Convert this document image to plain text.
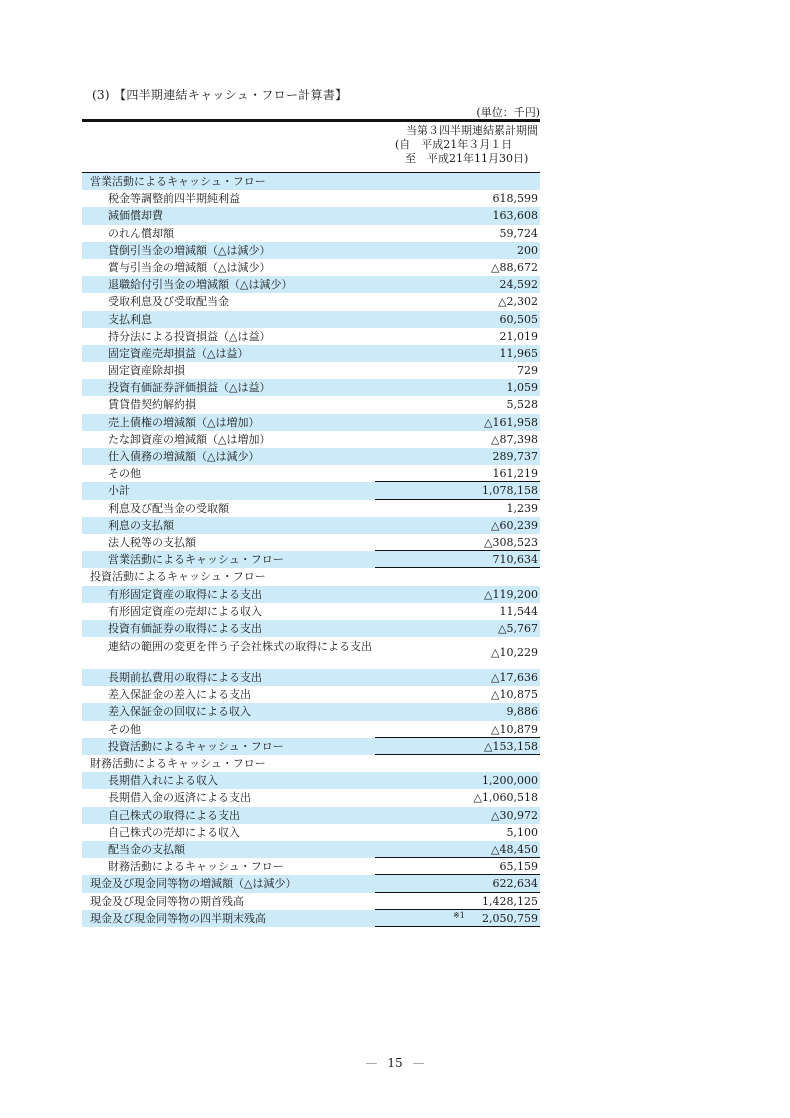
(3) 【四半期連結キャッシュ・フロー計算書】
(単位：千円)
当第３四半期連結累計期間
(自　平成21年３月１日
至　平成21年11月30日)
営業活動によるキャッシュ・フロー
税金等調整前四半期純利益	618,599
減価償却費	163,608
のれん償却額	59,724
貸倒引当金の増減額（△は減少）	200
賞与引当金の増減額（△は減少）	△88,672
退職給付引当金の増減額（△は減少）	24,592
受取利息及び受取配当金	△2,302
支払利息	60,505
持分法による投資損益（△は益）	21,019
固定資産売却損益（△は益）	11,965
固定資産除却損	729
投資有価証券評価損益（△は益）	1,059
賃貸借契約解約損	5,528
売上債権の増減額（△は増加）	△161,958
たな卸資産の増減額（△は増加）	△87,398
仕入債務の増減額（△は減少）	289,737
その他	161,219
小計	1,078,158
利息及び配当金の受取額	1,239
利息の支払額	△60,239
法人税等の支払額	△308,523
営業活動によるキャッシュ・フロー	710,634
投資活動によるキャッシュ・フロー
有形固定資産の取得による支出	△119,200
有形固定資産の売却による収入	11,544
投資有価証券の取得による支出	△5,767
連結の範囲の変更を伴う子会社株式の取得による支出	△10,229
長期前払費用の取得による支出	△17,636
差入保証金の差入による支出	△10,875
差入保証金の回収による収入	9,886
その他	△10,879
投資活動によるキャッシュ・フロー	△153,158
財務活動によるキャッシュ・フロー
長期借入れによる収入	1,200,000
長期借入金の返済による支出	△1,060,518
自己株式の取得による支出	△30,972
自己株式の売却による収入	5,100
配当金の支払額	△48,450
財務活動によるキャッシュ・フロー	65,159
現金及び現金同等物の増減額（△は減少）	622,634
現金及び現金同等物の期首残高	1,428,125
現金及び現金同等物の四半期末残高	※1 2,050,759
— 15 —
